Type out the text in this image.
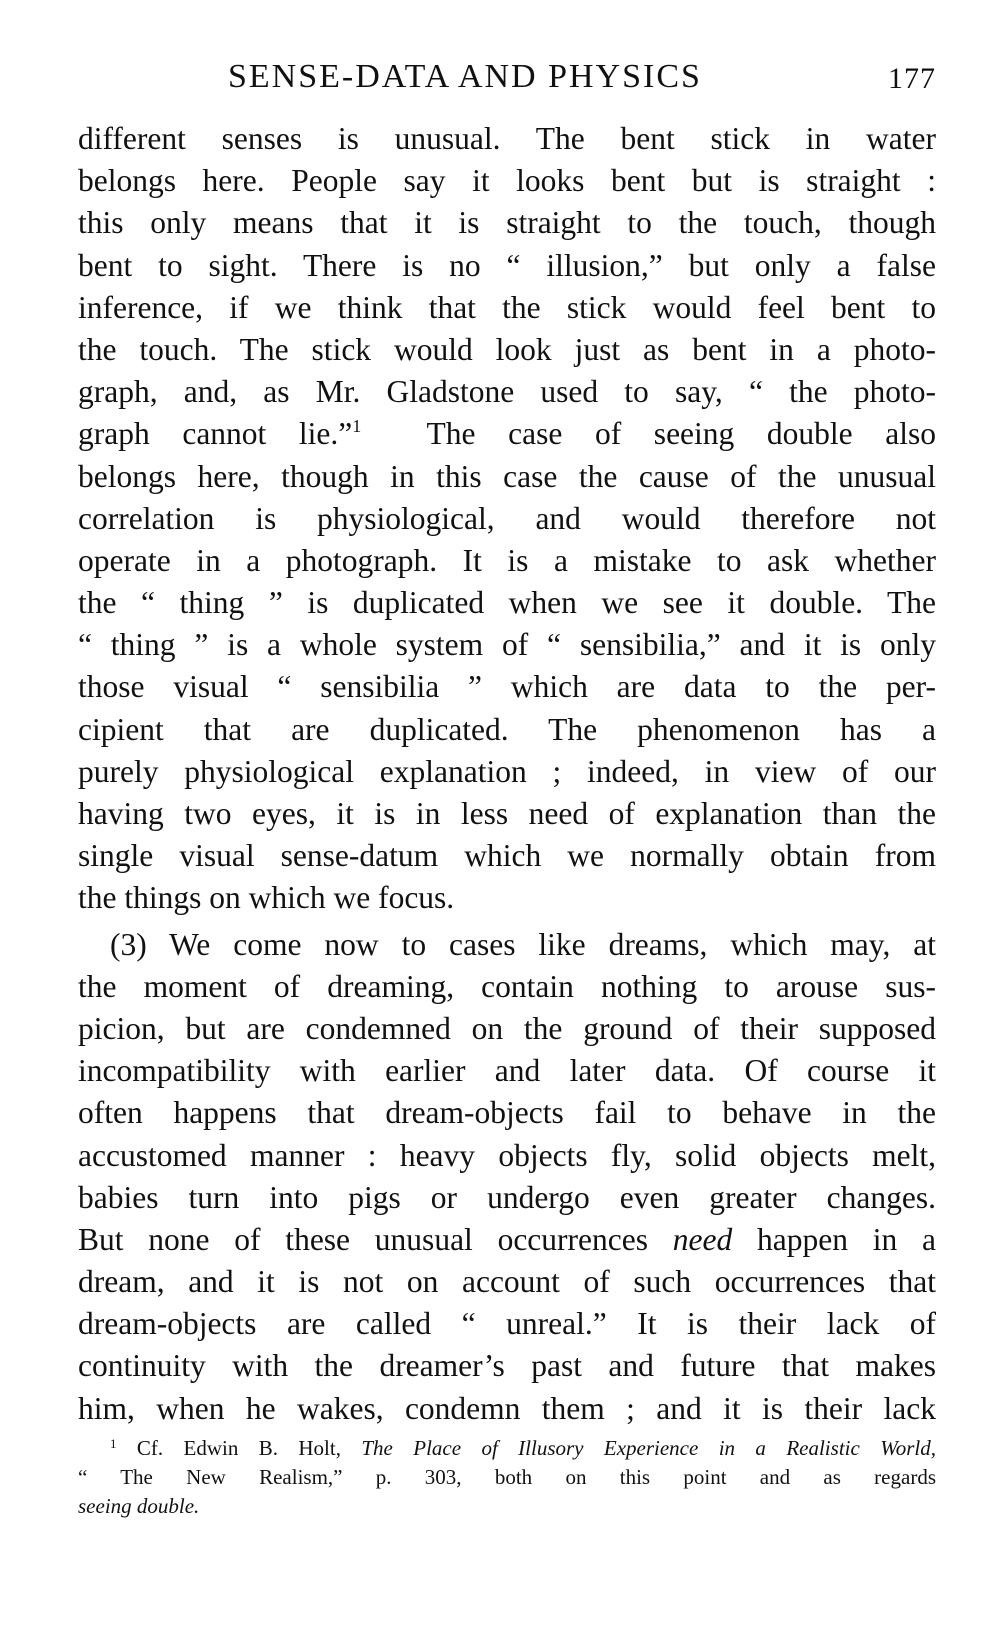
SENSE-DATA AND PHYSICS	177
different senses is unusual. The bent stick in water
belongs here. People say it looks bent but is straight :
this only means that it is straight to the touch, though
bent to sight. There is no “ illusion,” but only a false
inference, if we think that the stick would feel bent to
the touch. The stick would look just as bent in a photo-
graph, and, as Mr. Gladstone used to say, “ the photo-
graph cannot lie.”$^1$ The case of seeing double also
belongs here, though in this case the cause of the unusual
correlation is physiological, and would therefore not
operate in a photograph. It is a mistake to ask whether
the “ thing ” is duplicated when we see it double. The
“ thing ” is a whole system of “ sensibilia,” and it is only
those visual “ sensibilia ” which are data to the per-
cipient that are duplicated. The phenomenon has a
purely physiological explanation ; indeed, in view of our
having two eyes, it is in less need of explanation than the
single visual sense-datum which we normally obtain from
the things on which we focus.
(3) We come now to cases like dreams, which may, at
the moment of dreaming, contain nothing to arouse sus-
picion, but are condemned on the ground of their supposed
incompatibility with earlier and later data. Of course it
often happens that dream-objects fail to behave in the
accustomed manner : heavy objects fly, solid objects melt,
babies turn into pigs or undergo even greater changes.
But none of these unusual occurrences need happen in a
dream, and it is not on account of such occurrences that
dream-objects are called “ unreal.” It is their lack of
continuity with the dreamer’s past and future that makes
him, when he wakes, condemn them ; and it is their lack
$^1$ Cf. Edwin B. Holt, The Place of Illusory Experience in a Realistic World,
“ The New Realism,” p. 303, both on this point and as regards
seeing double.
